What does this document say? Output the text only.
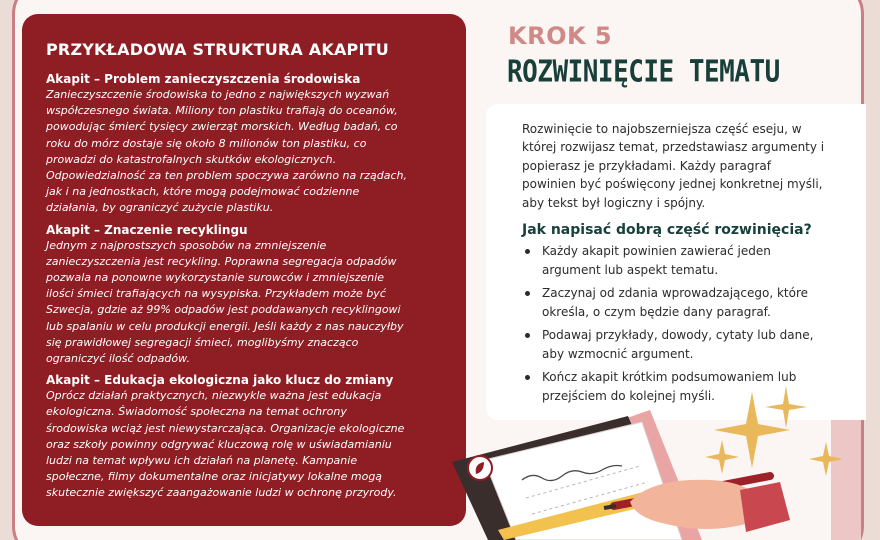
PRZYKŁADOWA STRUKTURA AKAPITU
Akapit – Problem zanieczyszczenia środowiska
Zanieczyszczenie środowiska to jedno z największych wyzwań
współczesnego świata. Miliony ton plastiku trafiają do oceanów,
powodując śmierć tysięcy zwierząt morskich. Według badań, co
roku do mórz dostaje się około 8 milionów ton plastiku, co
prowadzi do katastrofalnych skutków ekologicznych.
Odpowiedzialność za ten problem spoczywa zarówno na rządach,
jak i na jednostkach, które mogą podejmować codzienne
działania, by ograniczyć zużycie plastiku.
Akapit – Znaczenie recyklingu
Jednym z najprostszych sposobów na zmniejszenie
zanieczyszczenia jest recykling. Poprawna segregacja odpadów
pozwala na ponowne wykorzystanie surowców i zmniejszenie
ilości śmieci trafiających na wysypiska. Przykładem może być
Szwecja, gdzie aż 99% odpadów jest poddawanych recyklingowi
lub spalaniu w celu produkcji energii. Jeśli każdy z nas nauczyłby
się prawidłowej segregacji śmieci, moglibyśmy znacząco
ograniczyć ilość odpadów.
Akapit – Edukacja ekologiczna jako klucz do zmiany
Oprócz działań praktycznych, niezwykle ważna jest edukacja
ekologiczna. Świadomość społeczna na temat ochrony
środowiska wciąż jest niewystarczająca. Organizacje ekologiczne
oraz szkoły powinny odgrywać kluczową rolę w uświadamianiu
ludzi na temat wpływu ich działań na planetę. Kampanie
społeczne, filmy dokumentalne oraz inicjatywy lokalne mogą
skutecznie zwiększyć zaangażowanie ludzi w ochronę przyrody.
KROK 5
ROZWINIĘCIE TEMATU
Rozwinięcie to najobszerniejsza część eseju, w
której rozwijasz temat, przedstawiasz argumenty i
popierasz je przykładami. Każdy paragraf
powinien być poświęcony jednej konkretnej myśli,
aby tekst był logiczny i spójny.
Jak napisać dobrą część rozwinięcia?
Każdy akapit powinien zawierać jeden
argument lub aspekt tematu.
Zaczynaj od zdania wprowadzającego, które
określa, o czym będzie dany paragraf.
Podawaj przykłady, dowody, cytaty lub dane,
aby wzmocnić argument.
Kończ akapit krótkim podsumowaniem lub
przejściem do kolejnej myśli.
